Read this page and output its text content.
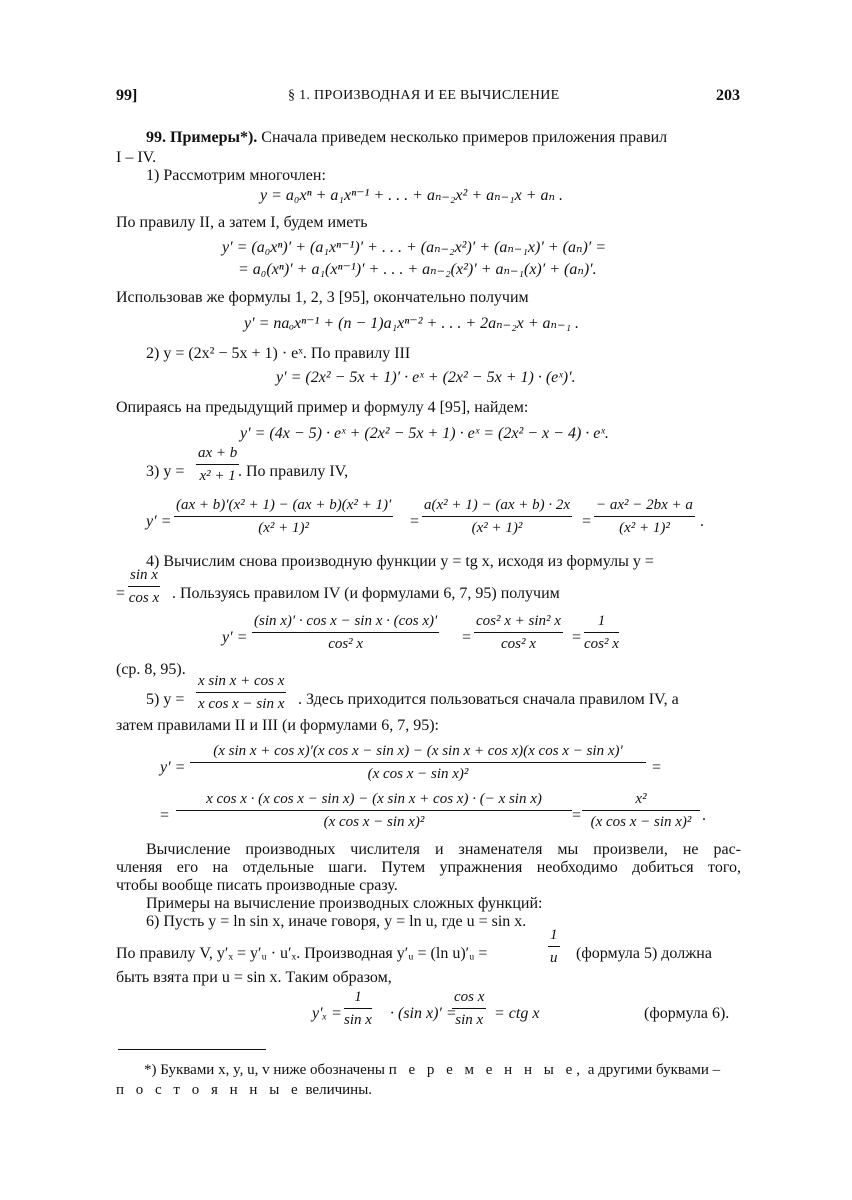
99]	§ 1. ПРОИЗВОДНАЯ И ЕЕ ВЫЧИСЛЕНИЕ	203
99. Примеры*). Сначала приведем несколько примеров приложения правил
I – IV.
1) Рассмотрим многочлен:
y = a₀xⁿ + a₁xⁿ⁻¹ + . . . + aₙ₋₂x² + aₙ₋₁x + aₙ .
По правилу II, а затем I, будем иметь
y′ = (a₀xⁿ)′ + (a₁xⁿ⁻¹)′ + . . . + (aₙ₋₂x²)′ + (aₙ₋₁x)′ + (aₙ)′ =
= a₀(xⁿ)′ + a₁(xⁿ⁻¹)′ + . . . + aₙ₋₂(x²)′ + aₙ₋₁(x)′ + (aₙ)′.
Использовав же формулы 1, 2, 3 [95], окончательно получим
y′ = naₒxⁿ⁻¹ + (n − 1)a₁xⁿ⁻² + . . . + 2aₙ₋₂x + aₙ₋₁ .
2) y = (2x² − 5x + 1) · eˣ. По правилу III
y′ = (2x² − 5x + 1)′ · eˣ + (2x² − 5x + 1) · (eˣ)′.
Опираясь на предыдущий пример и формулу 4 [95], найдем:
y′ = (4x − 5) · eˣ + (2x² − 5x + 1) · eˣ = (2x² − x − 4) · eˣ.
3) $y = \frac{ax + b}{\text{x² + 1}}$
. По правилу IV,
$y' = \frac{\text{(ax + b)′(x² + 1) − (ax + b)(x² + 1)′}}{\text{(x² + 1)²}} = \frac{\text{a(x² + 1) − (ax + b) · 2x}}{\text{(x² + 1)²}} = \frac{\text{− ax² − 2bx + a}}{\text{(x² + 1)²}}$ .
4) Вычислим снова производную функции y = tg x, исходя из формулы y =
= $\frac{\text{sin x}}{\text{cos x}}$ . Пользуясь правилом IV (и формулами 6, 7, 95) получим
$y' = \frac{\text{(sin x)′ · cos x − sin x · (cos x)′}}{\text{cos² x}} = \frac{\text{cos² x + sin² x}}{\text{cos² x}} = \frac{1}{\text{cos² x}}$
(ср. 8, 95).
5) $y = \frac{\text{x sin x + cos x}}{\text{x cos x − sin x}}$ . Здесь приходится пользоваться сначала правилом IV, а
затем правилами II и III (и формулами 6, 7, 95):
y′ =
(x sin x + cos x)′(x cos x − sin x) − (x sin x + cos x)(x cos x − sin x)′
(x cos x − sin x)²	=
=
x cos x · (x cos x − sin x) − (x sin x + cos x) · (− x sin x)
(x cos x − sin x)²	= $\frac{\text{x²}}{\text{(x cos x − sin x)²}}$ .
Вычисление производных числителя и знаменателя мы произвели, не рас-
членяя его на отдельные шаги. Путем упражнения необходимо добиться того,
чтобы вообще писать производные сразу.
Примеры на вычисление производных сложных функций:
6) Пусть y = ln sin x, иначе говоря, y = ln u, где u = sin x.
По правилу V, y′ₓ = y′ᵤ · u′ₓ. Производная y′ᵤ = (ln u)′ᵤ =	$\frac{1}{u}$ (формула 5) должна
быть взята при u = sin x. Таким образом,
$y'_x = \frac{1}{\text{sin x}} \cdot (\sin$ x)′ =
$\frac{\text{cos x}}{\text{sin x}}$ = ctg x	(формула 6).
*) Буквами x, y, u, v ниже обозначены п е р е м е н н ы е, а другими буквами –
п о с т о я н н ы е величины.
